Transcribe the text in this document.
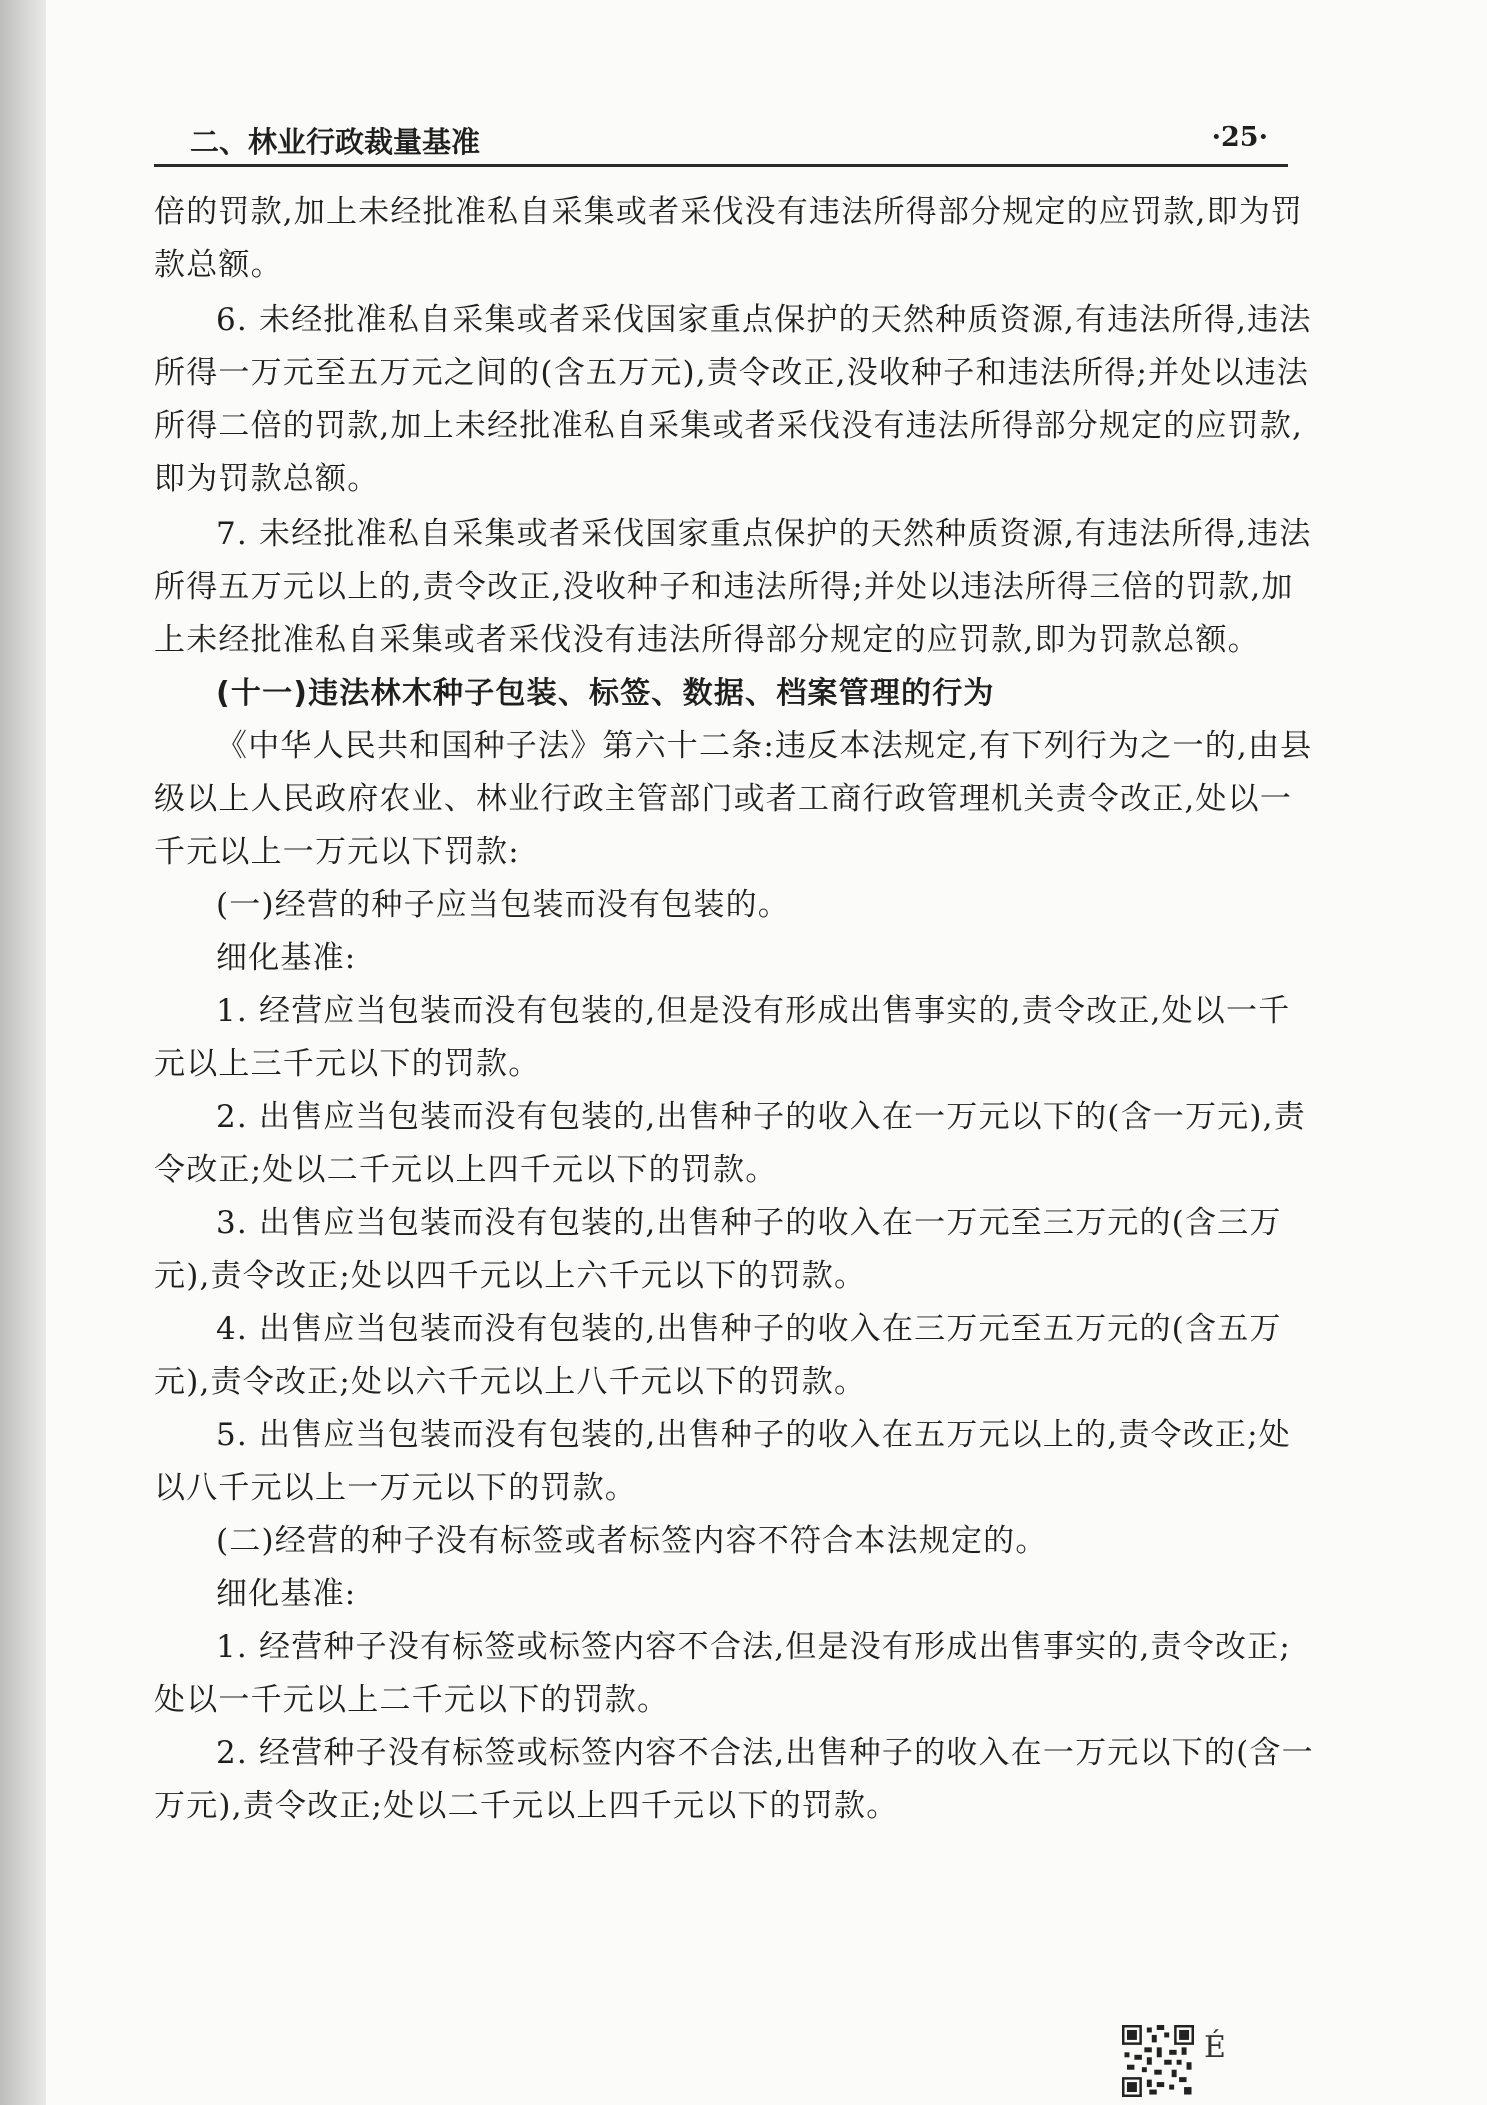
二、林业行政裁量基准	·25·

倍的罚款,加上未经批准私自采集或者采伐没有违法所得部分规定的应罚款,即为罚款总额。

6. 未经批准私自采集或者采伐国家重点保护的天然种质资源,有违法所得,违法所得一万元至五万元之间的(含五万元),责令改正,没收种子和违法所得;并处以违法所得二倍的罚款,加上未经批准私自采集或者采伐没有违法所得部分规定的应罚款,即为罚款总额。

7. 未经批准私自采集或者采伐国家重点保护的天然种质资源,有违法所得,违法所得五万元以上的,责令改正,没收种子和违法所得;并处以违法所得三倍的罚款,加上未经批准私自采集或者采伐没有违法所得部分规定的应罚款,即为罚款总额。

(十一)违法林木种子包装、标签、数据、档案管理的行为

《中华人民共和国种子法》第六十二条:违反本法规定,有下列行为之一的,由县级以上人民政府农业、林业行政主管部门或者工商行政管理机关责令改正,处以一千元以上一万元以下罚款:

(一)经营的种子应当包装而没有包装的。

细化基准:

1. 经营应当包装而没有包装的,但是没有形成出售事实的,责令改正,处以一千元以上三千元以下的罚款。

2. 出售应当包装而没有包装的,出售种子的收入在一万元以下的(含一万元),责令改正;处以二千元以上四千元以下的罚款。

3. 出售应当包装而没有包装的,出售种子的收入在一万元至三万元的(含三万元),责令改正;处以四千元以上六千元以下的罚款。

4. 出售应当包装而没有包装的,出售种子的收入在三万元至五万元的(含五万元),责令改正;处以六千元以上八千元以下的罚款。

5. 出售应当包装而没有包装的,出售种子的收入在五万元以上的,责令改正;处以八千元以上一万元以下的罚款。

(二)经营的种子没有标签或者标签内容不符合本法规定的。

细化基准:

1. 经营种子没有标签或标签内容不合法,但是没有形成出售事实的,责令改正;处以一千元以上二千元以下的罚款。

2. 经营种子没有标签或标签内容不合法,出售种子的收入在一万元以下的(含一万元),责令改正;处以二千元以上四千元以下的罚款。

É
